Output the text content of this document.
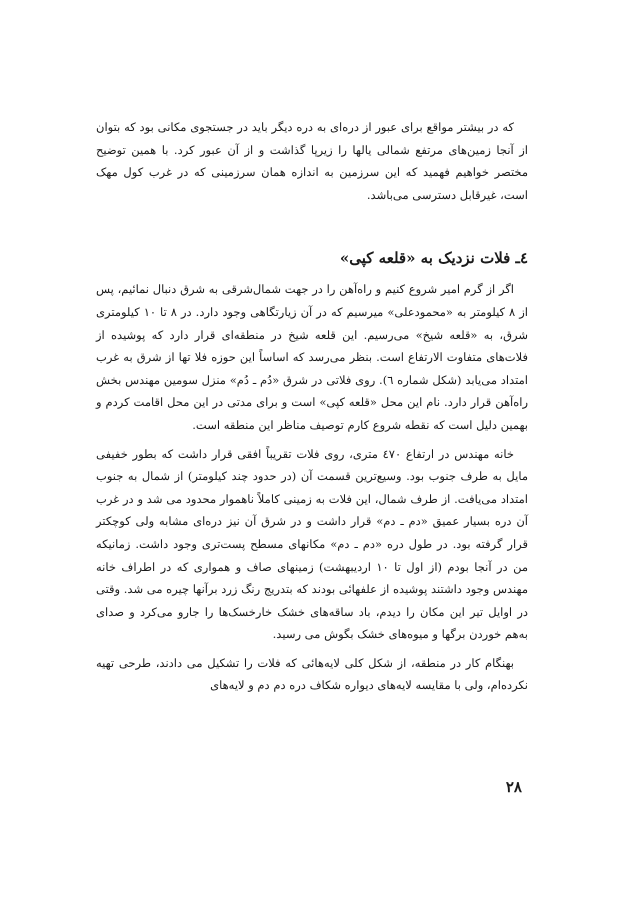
که در بیشتر مواقع برای عبور از دره‌ای به دره دیگر باید در جستجوی مکانی بود که بتوان از آنجا زمین‌های مرتفع شمالی یالها را زیرپا گذاشت و از آن عبور کرد. با همین توضیح مختصر خواهیم فهمید که این سرزمین به اندازه همان سرزمینی که در غرب کول مهک است، غیرقابل دسترسی می‌باشد.

٤ـ فلات نزدیک به «قلعه کپی»

اگر از گرم امیر شروع کنیم و راه‌آهن را در جهت شمال‌شرقی به شرق دنبال نمائیم، پس از ۸ کیلومتر به «محمودعلی» میرسیم که در آن زیارتگاهی وجود دارد. در ۸ تا ۱۰ کیلومتری شرق، به «قلعه شیخ» می‌رسیم. این قلعه شیخ در منطقه‌ای قرار دارد که پوشیده از فلات‌های متفاوت الارتفاع است. بنظر می‌رسد که اساساً این حوزه فلا تها از شرق به غرب امتداد می‌یابد (شکل شماره ٦). روی فلاتی در شرق «دُم ـ دُم» منزل سومین مهندس بخش راه‌آهن قرار دارد. نام این محل «قلعه کپی» است و برای مدتی در این محل اقامت کردم و بهمین دلیل است که نقطه شروع کارم توصیف مناظر این منطقه است.

خانه مهندس در ارتفاع ٤٧٠ متری، روی فلات تقریباً افقی قرار داشت که بطور خفیفی مایل به طرف جنوب بود. وسیع‌ترین قسمت آن (در حدود چند کیلومتر) از شمال به جنوب امتداد می‌یافت. از طرف شمال، این فلات به زمینی کاملاً ناهموار محدود می شد و در غرب آن دره بسیار عمیق «دم ـ دم» قرار داشت و در شرق آن نیز دره‌ای مشابه ولی کوچکتر قرار گرفته بود. در طول دره «دم ـ دم» مکانهای مسطح پست‌تری وجود داشت. زمانیکه من در آنجا بودم (از اول تا ۱۰ اردیبهشت) زمینهای صاف و همواری که در اطراف خانه مهندس وجود داشتند پوشیده از علفهائی بودند که بتدریج رنگ زرد برآنها چیره می شد. وقتی در اوایل تیر این مکان را دیدم، باد ساقه‌های خشک خارخسک‌ها را جارو می‌کرد و صدای به‌هم خوردن برگها و میوه‌های خشک بگوش می رسید.

بهنگام کار در منطقه، از شکل کلی لایه‌هائی که فلات را تشکیل می دادند، طرحی تهیه نکرده‌ام، ولی با مقایسه لایه‌های دیواره شکاف دره دم دم و لایه‌های

٢٨
